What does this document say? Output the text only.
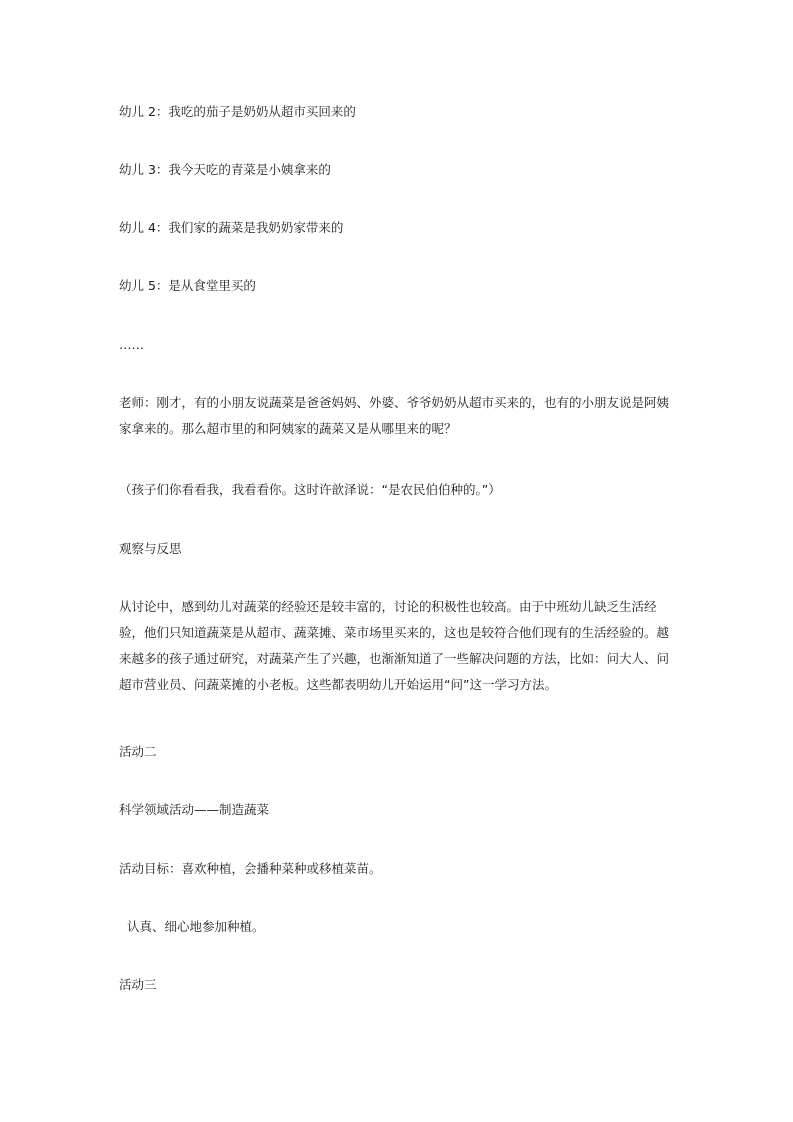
幼儿 2：我吃的茄子是奶奶从超市买回来的

幼儿 3：我今天吃的青菜是小姨拿来的

幼儿 4：我们家的蔬菜是我奶奶家带来的

幼儿 5：是从食堂里买的

……

老师：刚才，有的小朋友说蔬菜是爸爸妈妈、外婆、爷爷奶奶从超市买来的，也有的小朋友说是阿姨家拿来的。那么超市里的和阿姨家的蔬菜又是从哪里来的呢？

（孩子们你看看我，我看看你。这时许歆泽说：“是农民伯伯种的。”）

观察与反思

从讨论中，感到幼儿对蔬菜的经验还是较丰富的，讨论的积极性也较高。由于中班幼儿缺乏生活经验，他们只知道蔬菜是从超市、蔬菜摊、菜市场里买来的，这也是较符合他们现有的生活经验的。越来越多的孩子通过研究，对蔬菜产生了兴趣，也渐渐知道了一些解决问题的方法，比如：问大人、问超市营业员、问蔬菜摊的小老板。这些都表明幼儿开始运用“问”这一学习方法。

活动二

科学领域活动——制造蔬菜

活动目标：喜欢种植，会播种菜种或移植菜苗。

认真、细心地参加种植。

活动三
